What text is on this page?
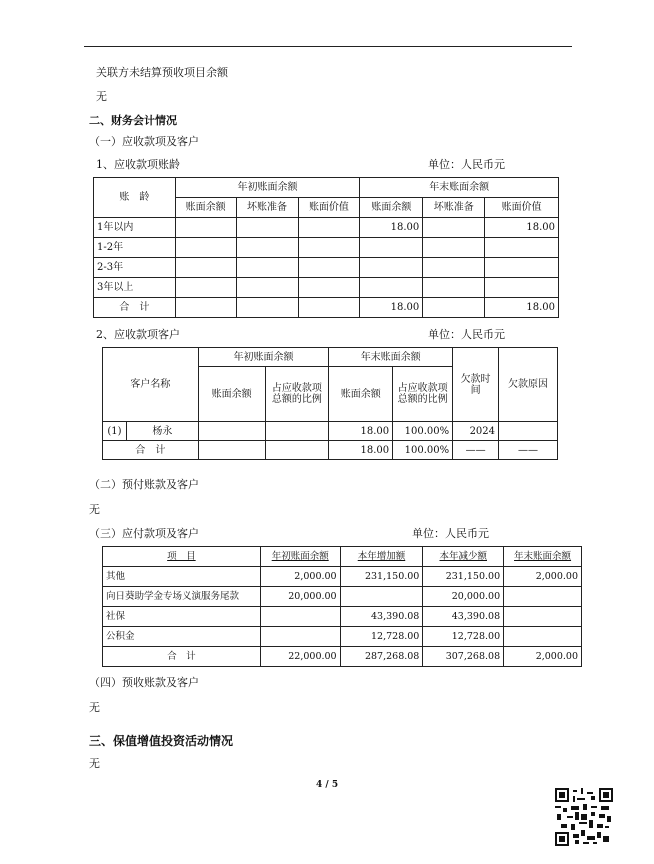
关联方未结算预收项目余额
无
二、财务会计情况
（一）应收款项及客户
1、应收款项账龄	单位：人民币元
账　龄	年初账面余额			年末账面余额		
	账面余额	坏账准备	账面价值	账面余额	坏账准备	账面价值
1年以内				18.00		18.00
1-2年						
2-3年						
3年以上						
合　计				18.00		18.00
2、应收款项客户	单位：人民币元
客户名称		年初账面余额		年末账面余额		欠款时间	欠款原因
		账面余额	占应收款项总额的比例	账面余额	占应收款项总额的比例		

(1)	杨永			18.00	100.00%	2024	
合　计				18.00	100.00%	——	——
（二）预付账款及客户
无
（三）应付款项及客户	单位：人民币元
项　目	年初账面余额	本年增加额	本年减少额	年末账面余额
其他	2,000.00	231,150.00	231,150.00	2,000.00
向日葵助学金专场义演服务尾款	20,000.00		20,000.00	
社保		43,390.08	43,390.08	
公积金		12,728.00	12,728.00	
合　计	22,000.00	287,268.08	307,268.08	2,000.00
（四）预收账款及客户
无
三、保值增值投资活动情况
无
4 / 5
